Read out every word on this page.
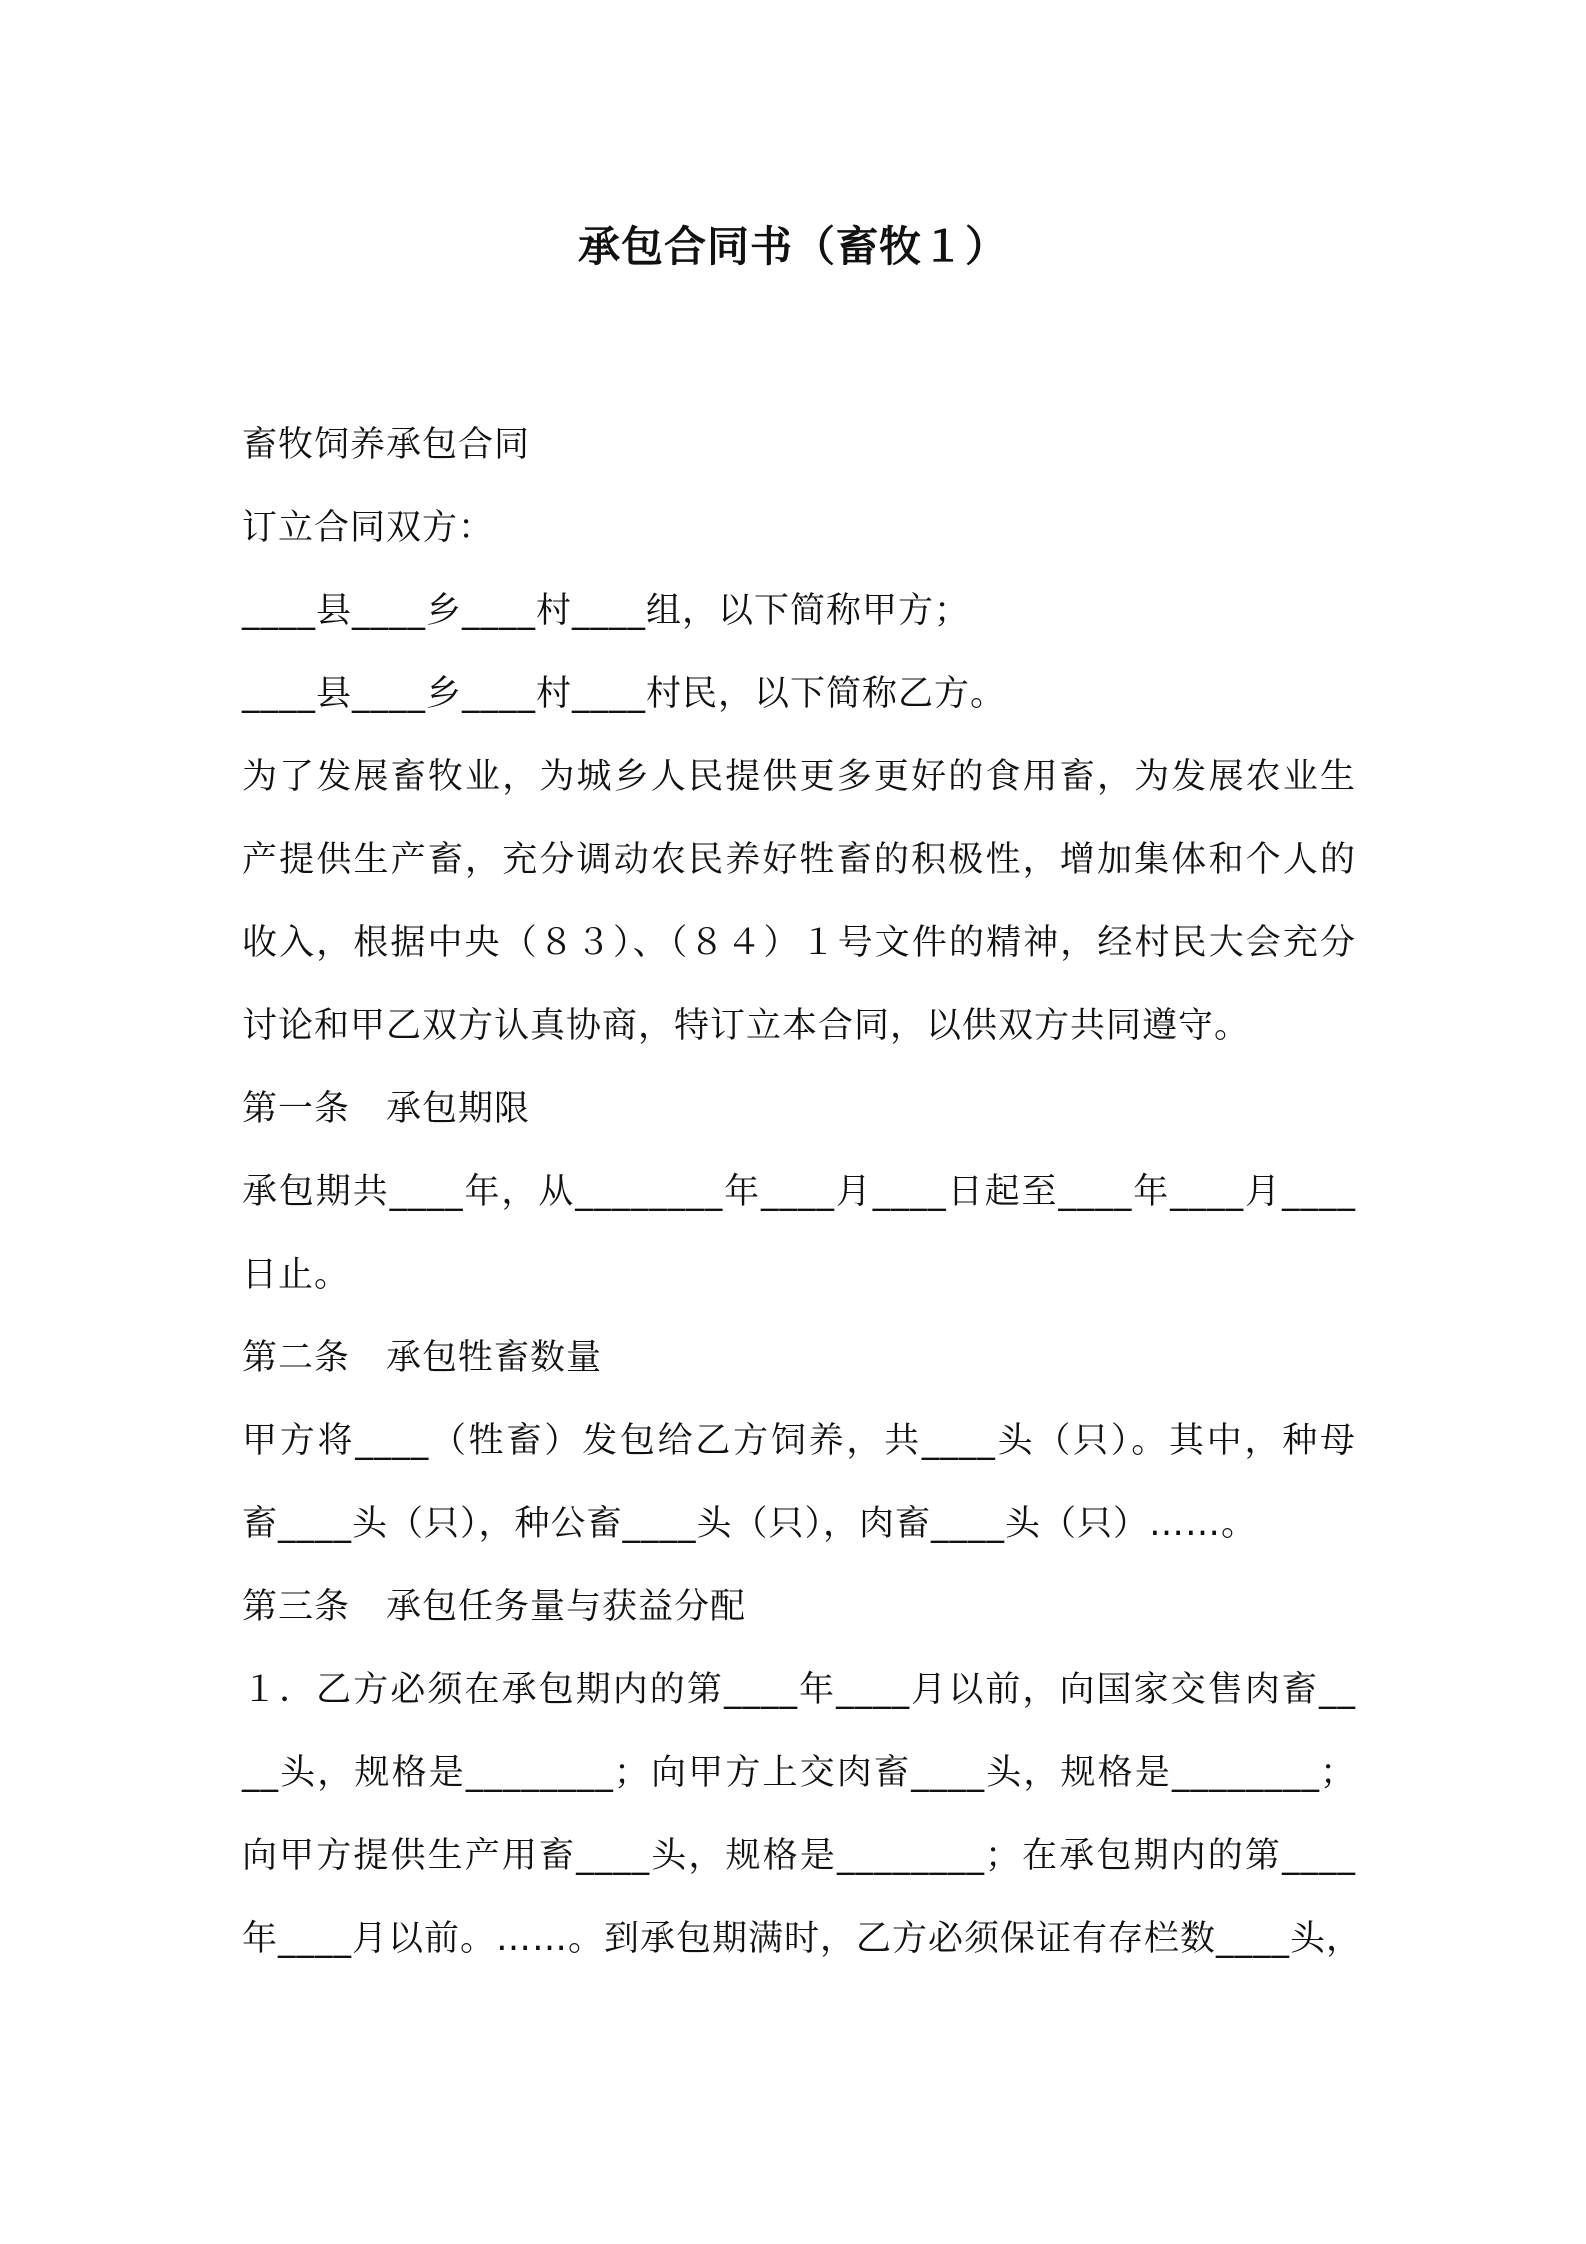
承包合同书（畜牧１）
畜牧饲养承包合同
订立合同双方：
____县____乡____村____组，以下简称甲方；
____县____乡____村____村民，以下简称乙方。
为了发展畜牧业，为城乡人民提供更多更好的食用畜，为发展农业生
产提供生产畜，充分调动农民养好牲畜的积极性，增加集体和个人的
收入，根据中央（８３）、（８４）１号文件的精神，经村民大会充分
讨论和甲乙双方认真协商，特订立本合同，以供双方共同遵守。
第一条　承包期限
承包期共____年，从________年____月____日起至____年____月____
日止。
第二条　承包牲畜数量
甲方将____（牲畜）发包给乙方饲养，共____头（只）。其中，种母
畜____头（只），种公畜____头（只），肉畜____头（只）……。
第三条　承包任务量与获益分配
１．乙方必须在承包期内的第____年____月以前，向国家交售肉畜__
__头，规格是________；向甲方上交肉畜____头，规格是________；
向甲方提供生产用畜____头，规格是________；在承包期内的第____
年____月以前。……。到承包期满时，乙方必须保证有存栏数____头，
